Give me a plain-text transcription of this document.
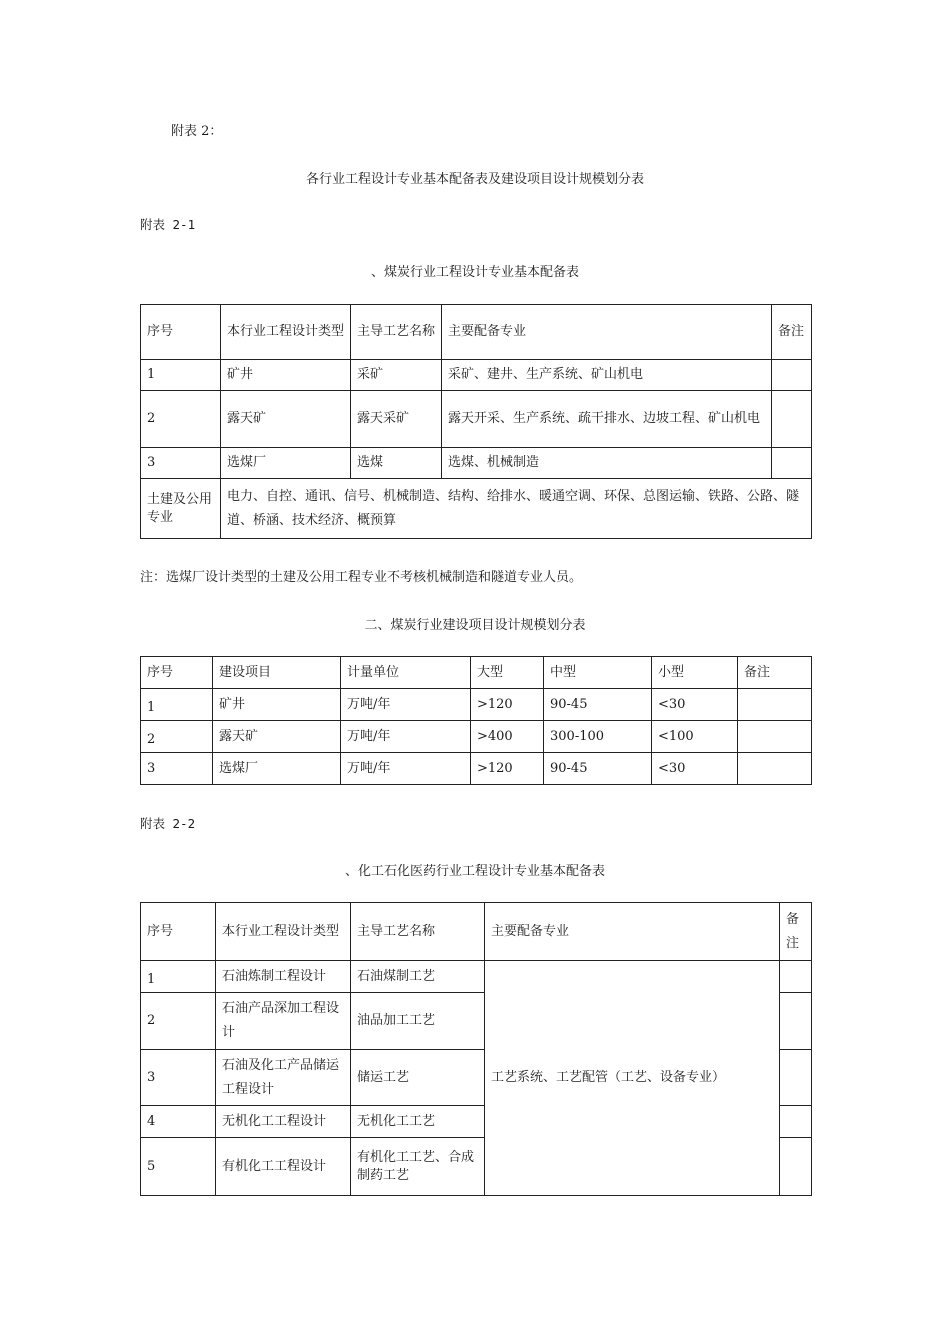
附表 2：
各行业工程设计专业基本配备表及建设项目设计规模划分表
附表 2-1
、煤炭行业工程设计专业基本配备表
序号	本行业工程设计类型	主导工艺名称	主要配备专业	备注
1	矿井	采矿	采矿、建井、生产系统、矿山机电	
2	露天矿	露天采矿	露天开采、生产系统、疏干排水、边坡工程、矿山机电	
3	选煤厂	选煤	选煤、机械制造	
土建及公用专业	电力、自控、通讯、信号、机械制造、结构、给排水、暖通空调、环保、总图运输、铁路、公路、隧道、桥涵、技术经济、概预算			
注：选煤厂设计类型的土建及公用工程专业不考核机械制造和隧道专业人员。
二、煤炭行业建设项目设计规模划分表
序号	建设项目	计量单位	大型	中型	小型	备注
1	矿井	万吨/年	>120	90-45	<30	
2	露天矿	万吨/年	>400	300-100	<100	
3	选煤厂	万吨/年	>120	90-45	<30	
附表 2-2
、化工石化医药行业工程设计专业基本配备表
序号	本行业工程设计类型	主导工艺名称	主要配备专业	备注
1	石油炼制工程设计	石油煤制工艺	工艺系统、工艺配管（工艺、设备专业）	
2	石油产品深加工程设计	油品加工工艺		
3	石油及化工产品储运工程设计	储运工艺		
4	无机化工工程设计	无机化工工艺		
5	有机化工工程设计	有机化工工艺、合成制药工艺		
